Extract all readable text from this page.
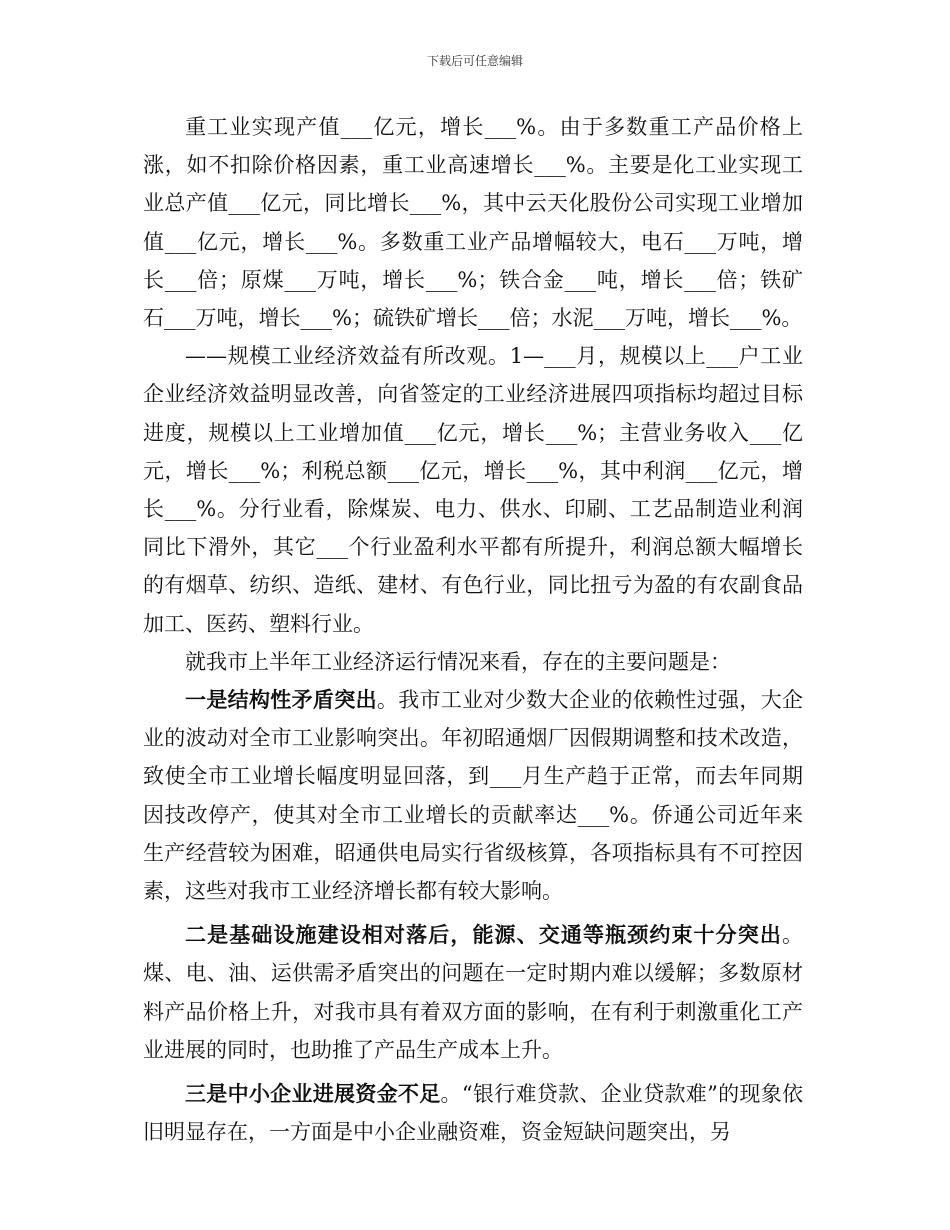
下载后可任意编辑

重工业实现产值___亿元，增长___%。由于多数重工产品价格上涨，如不扣除价格因素，重工业高速增长___%。主要是化工业实现工业总产值___亿元，同比增长___%，其中云天化股份公司实现工业增加值___亿元，增长___%。多数重工业产品增幅较大，电石___万吨，增长___倍；原煤___万吨，增长___%；铁合金___吨，增长___倍；铁矿石___万吨，增长___%；硫铁矿增长___倍；水泥___万吨，增长___%。

——规模工业经济效益有所改观。1—___月，规模以上___户工业企业经济效益明显改善，向省签定的工业经济进展四项指标均超过目标进度，规模以上工业增加值___亿元，增长___%；主营业务收入___亿元，增长___%；利税总额___亿元，增长___%，其中利润___亿元，增长___%。分行业看，除煤炭、电力、供水、印刷、工艺品制造业利润同比下滑外，其它___个行业盈利水平都有所提升，利润总额大幅增长的有烟草、纺织、造纸、建材、有色行业，同比扭亏为盈的有农副食品加工、医药、塑料行业。

就我市上半年工业经济运行情况来看，存在的主要问题是：

一是结构性矛盾突出。我市工业对少数大企业的依赖性过强，大企业的波动对全市工业影响突出。年初昭通烟厂因假期调整和技术改造，致使全市工业增长幅度明显回落，到___月生产趋于正常，而去年同期因技改停产，使其对全市工业增长的贡献率达___%。侨通公司近年来生产经营较为困难，昭通供电局实行省级核算，各项指标具有不可控因素，这些对我市工业经济增长都有较大影响。

二是基础设施建设相对落后，能源、交通等瓶颈约束十分突出。煤、电、油、运供需矛盾突出的问题在一定时期内难以缓解；多数原材料产品价格上升，对我市具有着双方面的影响，在有利于刺激重化工产业进展的同时，也助推了产品生产成本上升。

三是中小企业进展资金不足。“银行难贷款、企业贷款难”的现象依旧明显存在，一方面是中小企业融资难，资金短缺问题突出，另
